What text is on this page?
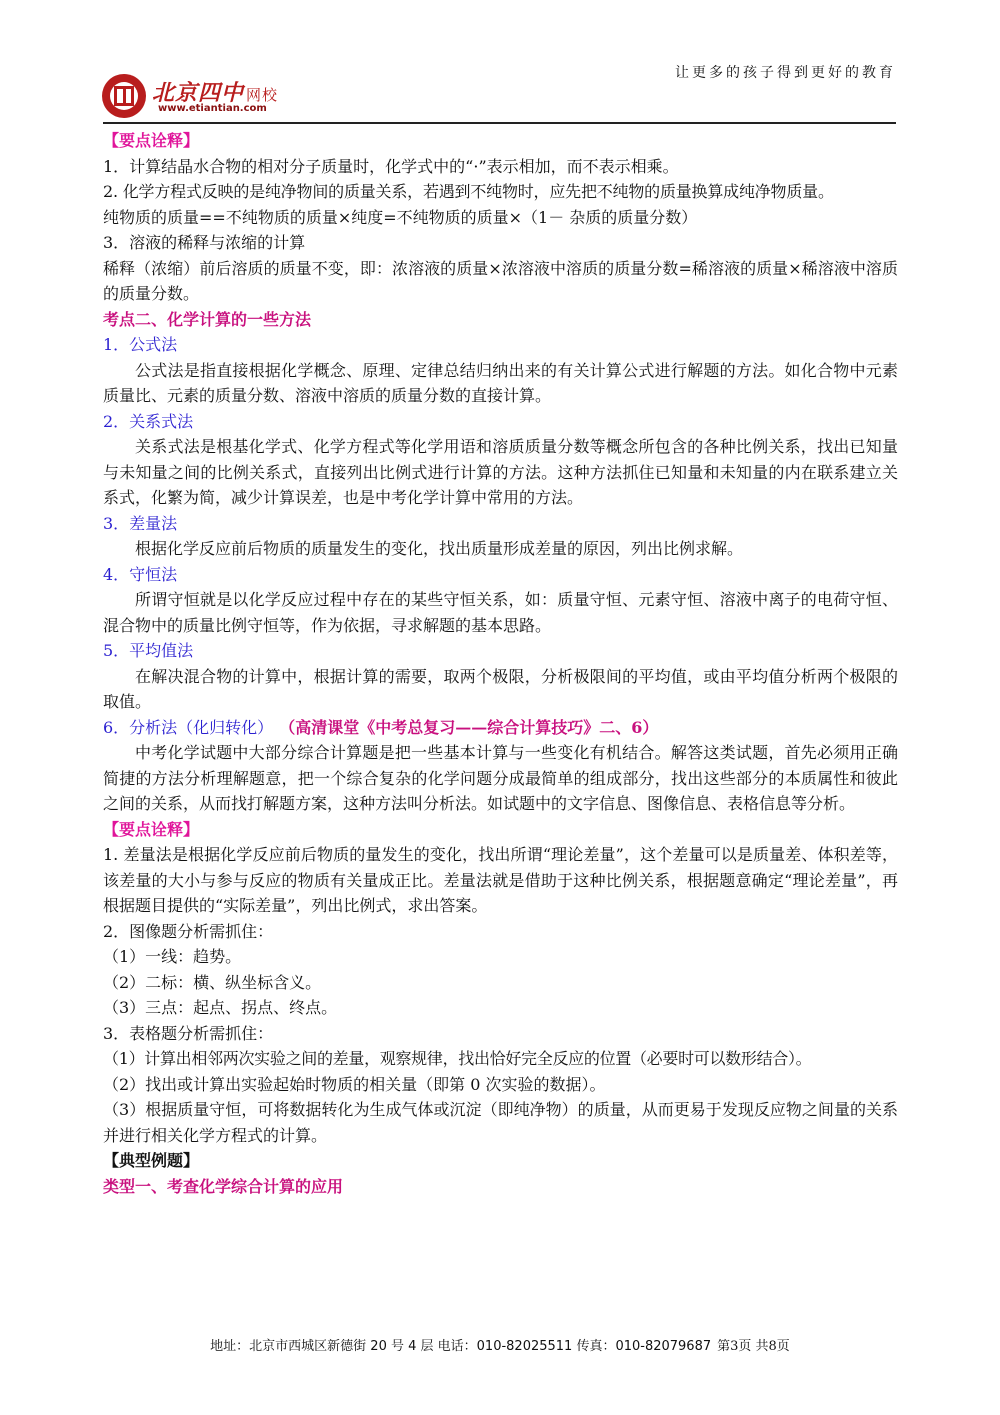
让更多的孩子得到更好的教育
北京四中 网校
www.etiantian.com

【要点诠释】

1．计算结晶水合物的相对分子质量时，化学式中的“·”表示相加，而不表示相乘。

2. 化学方程式反映的是纯净物间的质量关系，若遇到不纯物时，应先把不纯物的质量换算成纯净物质量。

纯物质的质量==不纯物质的质量×纯度=不纯物质的质量×（1－ 杂质的质量分数）

3．溶液的稀释与浓缩的计算

稀释（浓缩）前后溶质的质量不变，即：浓溶液的质量×浓溶液中溶质的质量分数=稀溶液的质量×稀溶液中溶质的质量分数。

考点二、化学计算的一些方法

1．公式法

公式法是指直接根据化学概念、原理、定律总结归纳出来的有关计算公式进行解题的方法。如化合物中元素质量比、元素的质量分数、溶液中溶质的质量分数的直接计算。

2．关系式法

关系式法是根基化学式、化学方程式等化学用语和溶质质量分数等概念所包含的各种比例关系，找出已知量与未知量之间的比例关系式，直接列出比例式进行计算的方法。这种方法抓住已知量和未知量的内在联系建立关系式，化繁为简，减少计算误差，也是中考化学计算中常用的方法。

3．差量法

根据化学反应前后物质的质量发生的变化，找出质量形成差量的原因，列出比例求解。

4．守恒法

所谓守恒就是以化学反应过程中存在的某些守恒关系，如：质量守恒、元素守恒、溶液中离子的电荷守恒、混合物中的质量比例守恒等，作为依据，寻求解题的基本思路。

5．平均值法

在解决混合物的计算中，根据计算的需要，取两个极限，分析极限间的平均值，或由平均值分析两个极限的取值。

6．分析法（化归转化） （高清课堂《中考总复习——综合计算技巧》二、6）

中考化学试题中大部分综合计算题是把一些基本计算与一些变化有机结合。解答这类试题，首先必须用正确简捷的方法分析理解题意，把一个综合复杂的化学问题分成最简单的组成部分，找出这些部分的本质属性和彼此之间的关系，从而找打解题方案，这种方法叫分析法。如试题中的文字信息、图像信息、表格信息等分析。

【要点诠释】

1. 差量法是根据化学反应前后物质的量发生的变化，找出所谓“理论差量”，这个差量可以是质量差、体积差等，该差量的大小与参与反应的物质有关量成正比。差量法就是借助于这种比例关系，根据题意确定“理论差量”，再根据题目提供的“实际差量”，列出比例式，求出答案。

2．图像题分析需抓住：

（1）一线：趋势。

（2）二标：横、纵坐标含义。

（3）三点：起点、拐点、终点。

3．表格题分析需抓住：

（1）计算出相邻两次实验之间的差量，观察规律，找出恰好完全反应的位置（必要时可以数形结合）。

（2）找出或计算出实验起始时物质的相关量（即第 0 次实验的数据）。

（3）根据质量守恒，可将数据转化为生成气体或沉淀（即纯净物）的质量，从而更易于发现反应物之间量的关系并进行相关化学方程式的计算。

【典型例题】

类型一、考查化学综合计算的应用

地址：北京市西城区新德街 20 号 4 层 电话：010-82025511 传真：010-82079687 第3页 共8页
